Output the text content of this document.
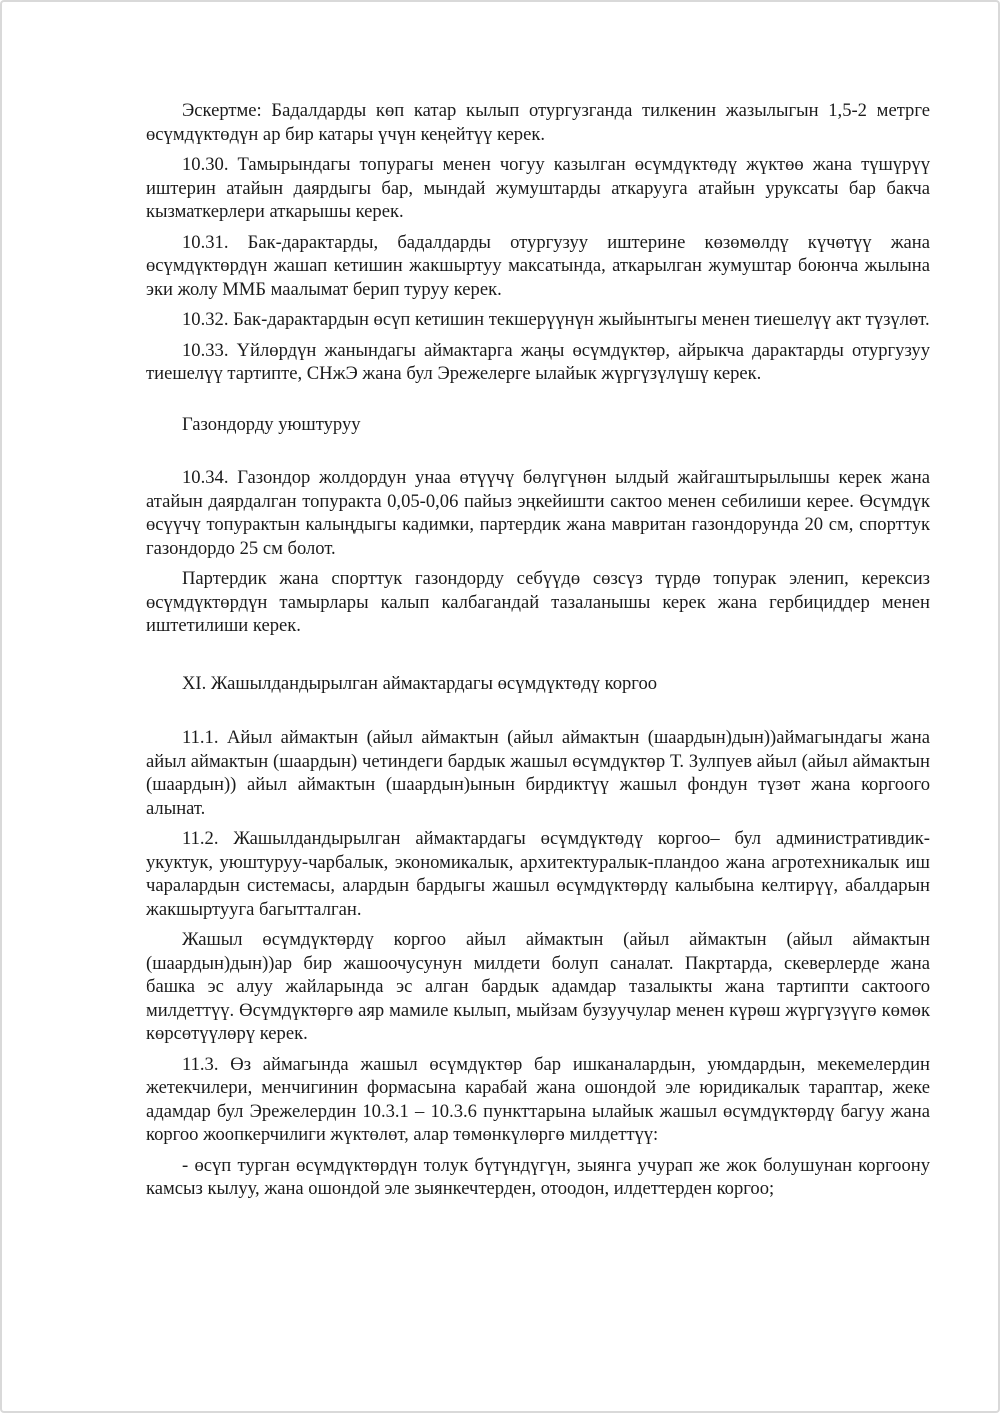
Эскертме: Бадалдарды көп катар кылып отургузганда тилкенин жазылыгын 1,5-2 метрге өсүмдүктөдүн ар бир катары үчүн кеңейтүү керек.

10.30. Тамырындагы топурагы менен чогуу казылган өсүмдүктөдү жүктөө жана түшүрүү иштерин атайын даярдыгы бар, мындай жумуштарды аткарууга атайын уруксаты бар бакча кызматкерлери аткарышы керек.

10.31. Бак-дарактарды, бадалдарды отургузуу иштерине көзөмөлдү күчөтүү жана өсүмдүктөрдүн жашап кетишин жакшыртуу максатында, аткарылган жумуштар боюнча жылына эки жолу ММБ маалымат берип туруу керек.

10.32. Бак-дарактардын өсүп кетишин текшерүүнүн жыйынтыгы менен тиешелүү акт түзүлөт.

10.33. Үйлөрдүн жанындагы аймактарга жаңы өсүмдүктөр, айрыкча дарактарды отургузуу тиешелүү тартипте, СНжЭ жана бул Эрежелерге ылайык жүргүзүлүшү керек.

Газондорду уюштуруу

10.34. Газондор жолдордун унаа өтүүчү бөлүгүнөн ылдый жайгаштырылышы керек жана атайын даярдалган топуракта 0,05-0,06 пайыз эңкейишти сактоо менен себилиши керее. Өсүмдүк өсүүчү топурактын калыңдыгы кадимки, партердик жана мавритан газондорунда 20 см, спорттук газондордо 25 см болот.

Партердик жана спорттук газондорду себүүдө сөзсүз түрдө топурак эленип, керексиз өсүмдүктөрдүн тамырлары калып калбагандай тазаланышы керек жана гербициддер менен иштетилиши керек.

XI. Жашылдандырылган аймактардагы өсүмдүктөдү коргоо

11.1. Айыл аймактын (айыл аймактын (айыл аймактын (шаардын)дын))аймагындагы жана айыл аймактын (шаардын) четиндеги бардык жашыл өсүмдүктөр Т. Зулпуев айыл (айыл аймактын (шаардын)) айыл аймактын (шаардын)ынын бирдиктүү жашыл фондун түзөт жана коргоого алынат.

11.2. Жашылдандырылган аймактардагы өсүмдүктөдү коргоо– бул административдик-укуктук, уюштуруу-чарбалык, экономикалык, архитектуралык-пландоо жана агротехникалык иш чаралардын системасы, алардын бардыгы жашыл өсүмдүктөрдү калыбына келтирүү, абалдарын жакшыртууга багытталган.

Жашыл өсүмдүктөрдү коргоо айыл аймактын (айыл аймактын (айыл аймактын (шаардын)дын))ар бир жашоочусунун милдети болуп саналат. Пакртарда, скеверлерде жана башка эс алуу жайларында эс алган бардык адамдар тазалыкты жана тартипти сактоого милдеттүү. Өсүмдүктөргө аяр мамиле кылып, мыйзам бузуучулар менен күрөш жүргүзүүгө көмөк көрсөтүүлөрү керек.

11.3. Өз аймагында жашыл өсүмдүктөр бар ишканалардын, уюмдардын, мекемелердин жетекчилери, менчигинин формасына карабай жана ошондой эле юридикалык тараптар, жеке адамдар бул Эрежелердин 10.3.1 – 10.3.6 пункттарына ылайык жашыл өсүмдүктөрдү багуу жана коргоо жоопкерчилиги жүктөлөт, алар төмөнкүлөргө милдеттүү:

- өсүп турган өсүмдүктөрдүн толук бүтүндүгүн, зыянга учурап же жок болушунан коргоону камсыз кылуу, жана ошондой эле зыянкечтерден, отоодон, илдеттерден коргоо;
